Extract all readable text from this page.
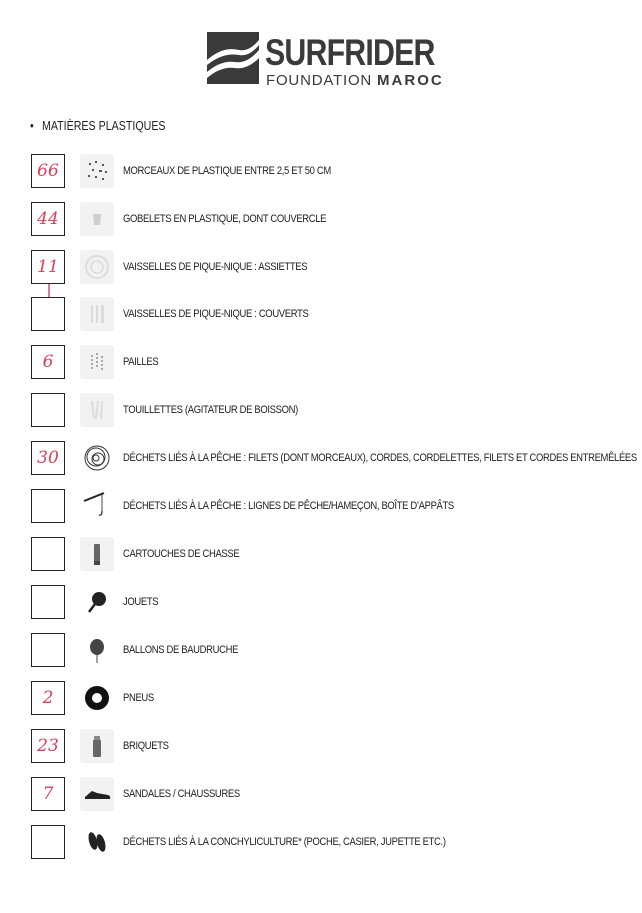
SURFRIDER
FOUNDATION MAROC
• MATIÈRES PLASTIQUES
66	MORCEAUX DE PLASTIQUE ENTRE 2,5 ET 50 CM
44	GOBELETS EN PLASTIQUE, DONT COUVERCLE
11	VAISSELLES DE PIQUE-NIQUE : ASSIETTES
VAISSELLES DE PIQUE-NIQUE : COUVERTS
6	PAILLES
TOUILLETTES (AGITATEUR DE BOISSON)
30	DÉCHETS LIÉS À LA PÊCHE : FILETS (DONT MORCEAUX), CORDES, CORDELETTES, FILETS ET CORDES ENTREMÊLÉES
DÉCHETS LIÉS À LA PÊCHE : LIGNES DE PÊCHE/HAMEÇON, BOÎTE D’APPÂTS
CARTOUCHES DE CHASSE
JOUETS
BALLONS DE BAUDRUCHE
2	PNEUS
23	BRIQUETS
7	SANDALES / CHAUSSURES
DÉCHETS LIÉS À LA CONCHYLICULTURE* (POCHE, CASIER, JUPETTE ETC.)
